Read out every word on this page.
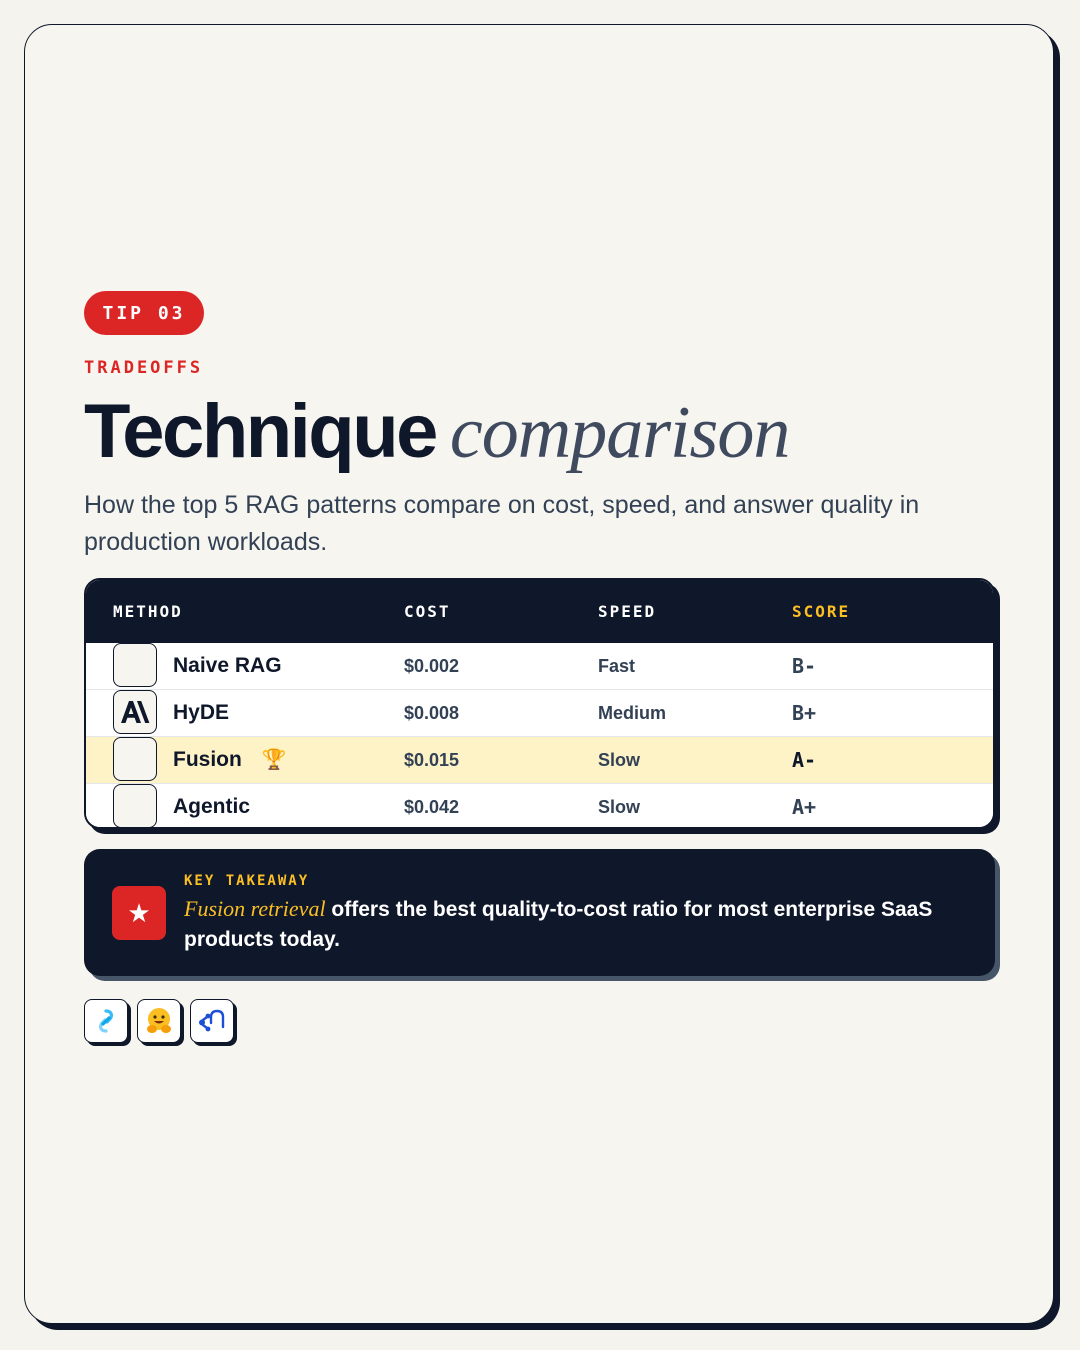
TIP 03
TRADEOFFS
Technique comparison
How the top 5 RAG patterns compare on cost, speed, and answer quality in production workloads.
METHOD	COST	SPEED	SCORE
Naive RAG	$0.002	Fast	B-
HyDE	$0.008	Medium	B+
Fusion 🏆	$0.015	Slow	A-
Agentic	$0.042	Slow	A+
★
KEY TAKEAWAY
Fusion retrieval offers the best quality-to-cost ratio for most enterprise SaaS products today.
